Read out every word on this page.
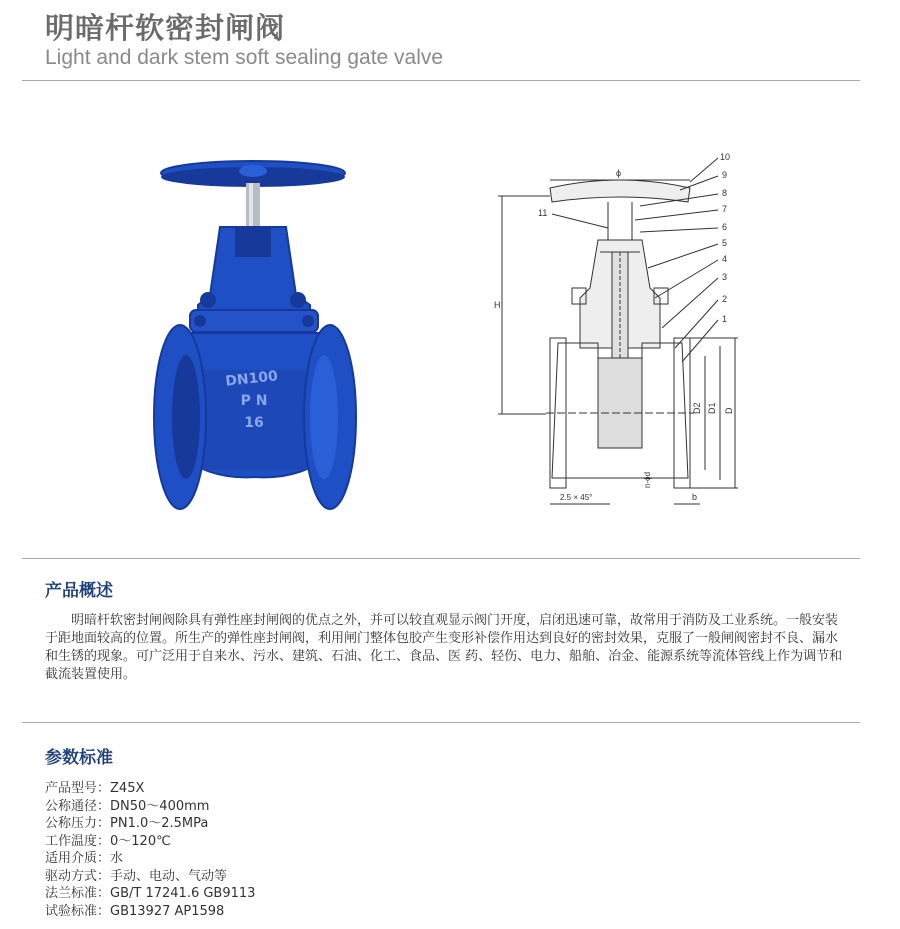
明暗杆软密封闸阀
Light and dark stem soft sealing gate valve
DN100
P N
16
10
9
8
7
6
5
4
3
2
1
11
ϕ
H
D2 D1 D
n-ϕd
b
2.5 × 45°
产品概述

明暗杆软密封闸阀除具有弹性座封闸阀的优点之外，并可以较直观显示阀门开度，启闭迅速可靠，故常用于消防及工业系统。一般安装于距地面较高的位置。所生产的弹性座封闸阀，利用闸门整体包胶产生变形补偿作用达到良好的密封效果，克服了一般闸阀密封不良、漏水和生锈的现象。可广泛用于自来水、污水、建筑、石油、化工、食品、医 药、轻伤、电力、船舶、冶金、能源系统等流体管线上作为调节和截流装置使用。

参数标准
产品型号：Z45X
公称通径：DN50～400mm
公称压力：PN1.0～2.5MPa
工作温度：0～120℃
适用介质：水
驱动方式：手动、电动、气动等
法兰标准：GB/T 17241.6 GB9113
试验标准：GB13927 AP1598
